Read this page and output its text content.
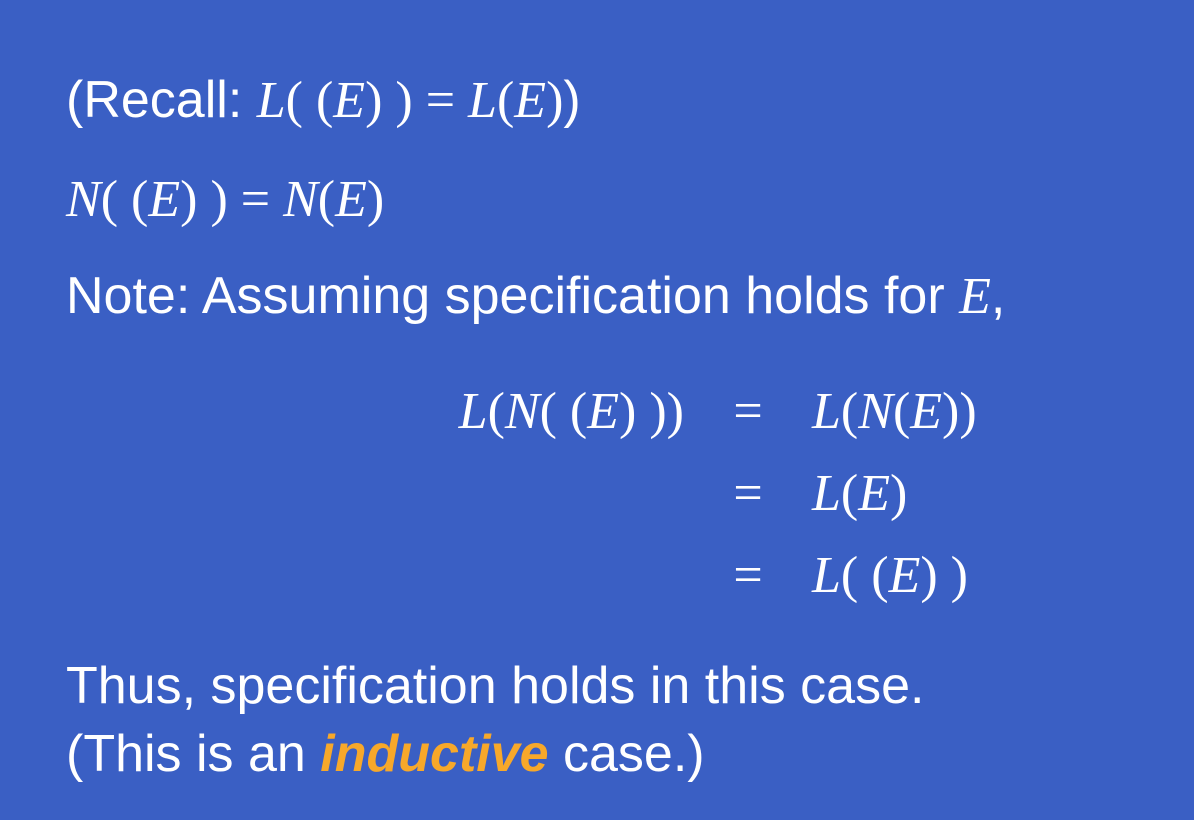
(Recall: L( (E) ) = L(E))
N( (E) ) = N(E)
Note: Assuming specification holds for E,
L(N( (E) )) = L(N(E))
= L(E)
= L( (E) )
Thus, specification holds in this case.
(This is an inductive case.)
